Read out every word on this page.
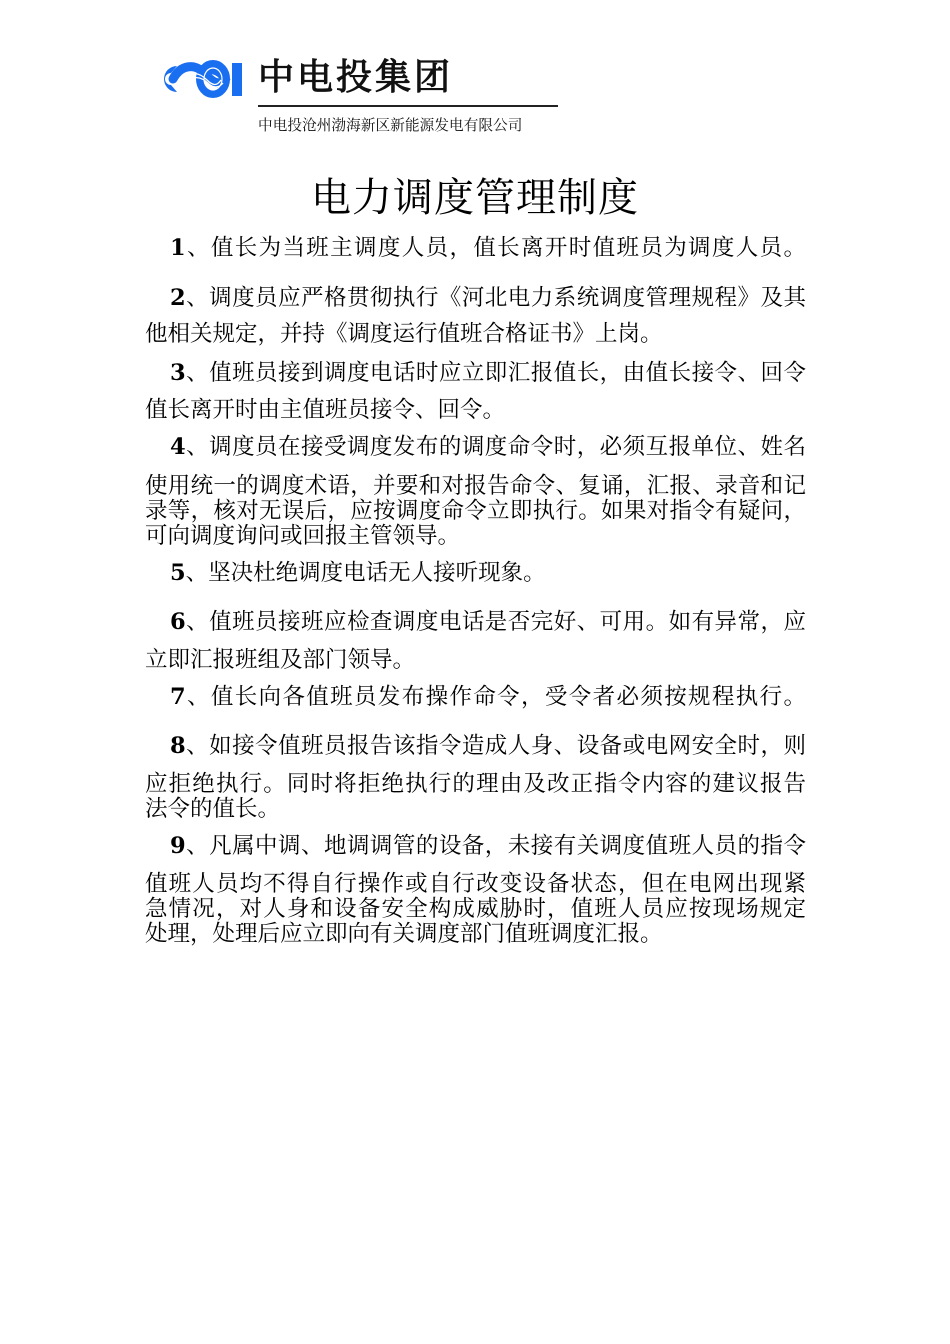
中电投集团
中电投沧州渤海新区新能源发电有限公司
电力调度管理制度
1、值长为当班主调度人员，值长离开时值班员为调度人员。
2、调度员应严格贯彻执行《河北电力系统调度管理规程》及其
他相关规定，并持《调度运行值班合格证书》上岗。
3、值班员接到调度电话时应立即汇报值长，由值长接令、回令
值长离开时由主值班员接令、回令。
4、调度员在接受调度发布的调度命令时，必须互报单位、姓名
使用统一的调度术语，并要和对报告命令、复诵，汇报、录音和记
录等，核对无误后，应按调度命令立即执行。如果对指令有疑问，
可向调度询问或回报主管领导。
5、坚决杜绝调度电话无人接听现象。
6、值班员接班应检查调度电话是否完好、可用。如有异常，应
立即汇报班组及部门领导。
7、值长向各值班员发布操作命令，受令者必须按规程执行。
8、如接令值班员报告该指令造成人身、设备或电网安全时，则
应拒绝执行。同时将拒绝执行的理由及改正指令内容的建议报告
法令的值长。
9、凡属中调、地调调管的设备，未接有关调度值班人员的指令
值班人员均不得自行操作或自行改变设备状态，但在电网出现紧
急情况，对人身和设备安全构成威胁时，值班人员应按现场规定
处理，处理后应立即向有关调度部门值班调度汇报。
